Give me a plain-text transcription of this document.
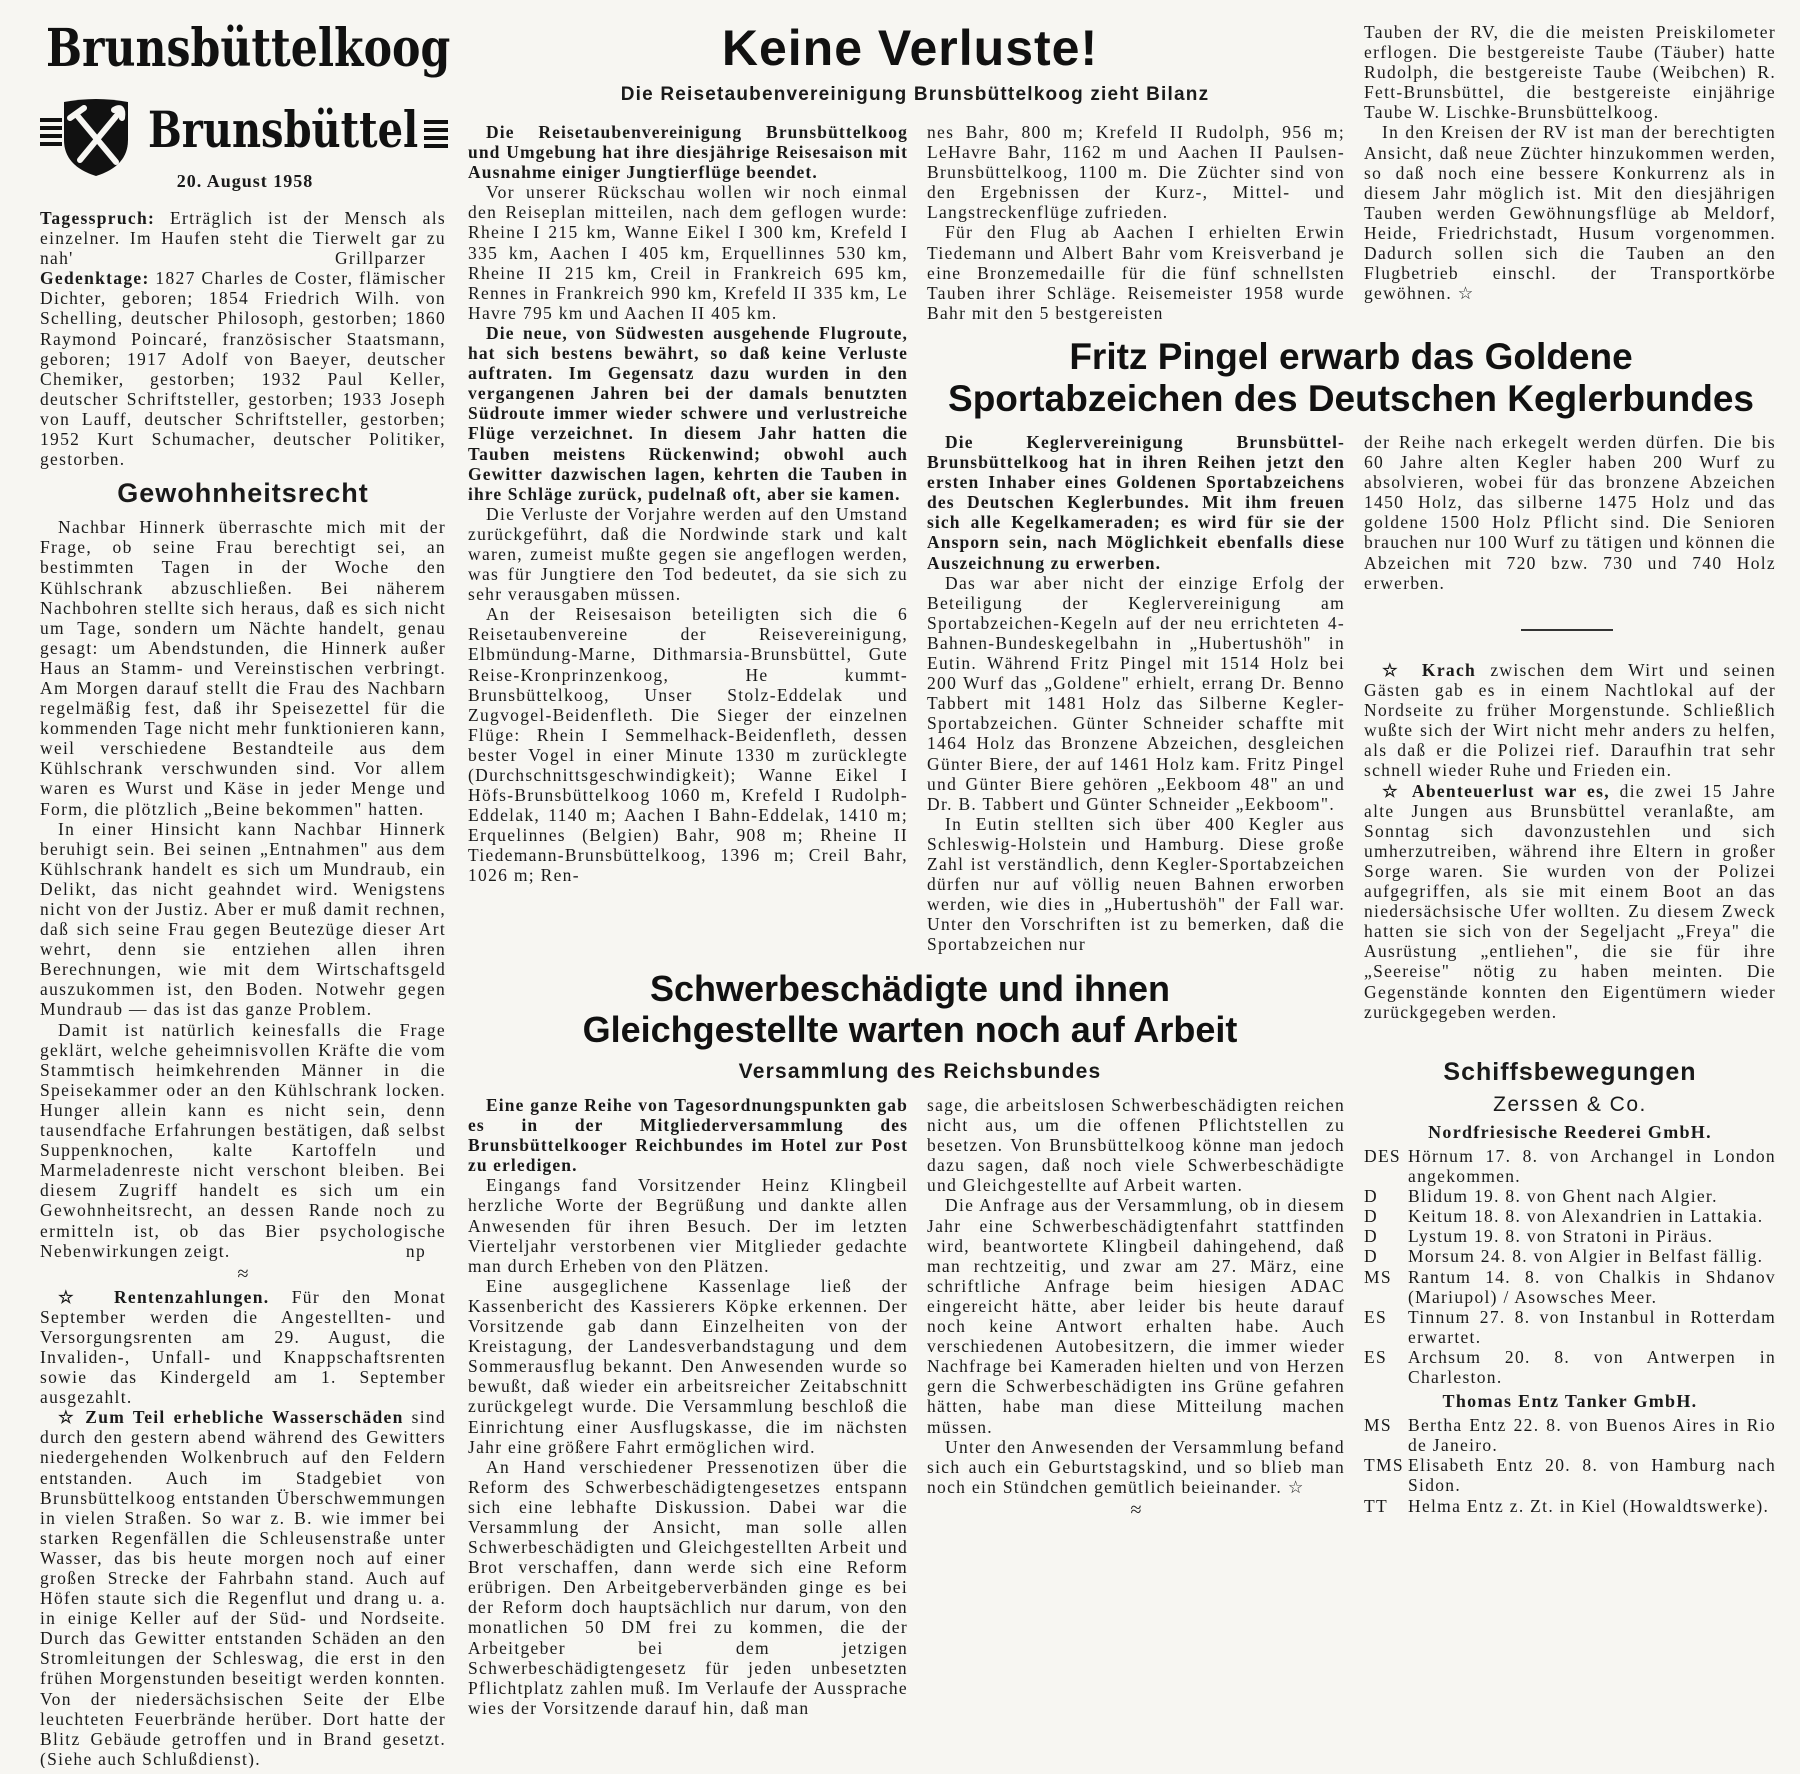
Brunsbüttelkoog
Brunsbüttel
20. August 1958

Tagesspruch: Erträglich ist der Mensch als einzelner. Im Haufen steht die Tierwelt gar zu nah'	Grillparzer

Gedenktage: 1827 Charles de Coster, flämischer Dichter, geboren; 1854 Friedrich Wilh. von Schelling, deutscher Philosoph, gestorben; 1860 Raymond Poincaré, französischer Staatsmann, geboren; 1917 Adolf von Baeyer, deutscher Chemiker, gestorben; 1932 Paul Keller, deutscher Schriftsteller, gestorben; 1933 Joseph von Lauff, deutscher Schriftsteller, gestorben; 1952 Kurt Schumacher, deutscher Politiker, gestorben.

Gewohnheitsrecht

Nachbar Hinnerk überraschte mich mit der Frage, ob seine Frau berechtigt sei, an bestimmten Tagen in der Woche den Kühlschrank abzuschließen. Bei näherem Nachbohren stellte sich heraus, daß es sich nicht um Tage, sondern um Nächte handelt, genau gesagt: um Abendstunden, die Hinnerk außer Haus an Stamm- und Vereinstischen verbringt. Am Morgen darauf stellt die Frau des Nachbarn regelmäßig fest, daß ihr Speisezettel für die kommenden Tage nicht mehr funktionieren kann, weil verschiedene Bestandteile aus dem Kühlschrank verschwunden sind. Vor allem waren es Wurst und Käse in jeder Menge und Form, die plötzlich „Beine bekommen" hatten.

In einer Hinsicht kann Nachbar Hinnerk beruhigt sein. Bei seinen „Entnahmen" aus dem Kühlschrank handelt es sich um Mundraub, ein Delikt, das nicht geahndet wird. Wenigstens nicht von der Justiz. Aber er muß damit rechnen, daß sich seine Frau gegen Beutezüge dieser Art wehrt, denn sie entziehen allen ihren Berechnungen, wie mit dem Wirtschaftsgeld auszukommen ist, den Boden. Notwehr gegen Mundraub — das ist das ganze Problem.

Damit ist natürlich keinesfalls die Frage geklärt, welche geheimnisvollen Kräfte die vom Stammtisch heimkehrenden Männer in die Speisekammer oder an den Kühlschrank locken. Hunger allein kann es nicht sein, denn tausendfache Erfahrungen bestätigen, daß selbst Suppenknochen, kalte Kartoffeln und Marmeladenreste nicht verschont bleiben. Bei diesem Zugriff handelt es sich um ein Gewohnheitsrecht, an dessen Rande noch zu ermitteln ist, ob das Bier psychologische Nebenwirkungen zeigt.	np

≈

☆ Rentenzahlungen. Für den Monat September werden die Angestellten- und Versorgungsrenten am 29. August, die Invaliden-, Unfall- und Knappschaftsrenten sowie das Kindergeld am 1. September ausgezahlt.

☆ Zum Teil erhebliche Wasserschäden sind durch den gestern abend während des Gewitters niedergehenden Wolkenbruch auf den Feldern entstanden. Auch im Stadgebiet von Brunsbüttelkoog entstanden Überschwemmungen in vielen Straßen. So war z. B. wie immer bei starken Regenfällen die Schleusenstraße unter Wasser, das bis heute morgen noch auf einer großen Strecke der Fahrbahn stand. Auch auf Höfen staute sich die Regenflut und drang u. a. in einige Keller auf der Süd- und Nordseite. Durch das Gewitter entstanden Schäden an den Stromleitungen der Schleswag, die erst in den frühen Morgenstunden beseitigt werden konnten. Von der niedersächsischen Seite der Elbe leuchteten Feuerbrände herüber. Dort hatte der Blitz Gebäude getroffen und in Brand gesetzt. (Siehe auch Schlußdienst).

Keine Verluste!
Die Reisetaubenvereinigung Brunsbüttelkoog zieht Bilanz

Die Reisetaubenvereinigung Brunsbüttelkoog und Umgebung hat ihre diesjährige Reisesaison mit Ausnahme einiger Jungtierflüge beendet.

Vor unserer Rückschau wollen wir noch einmal den Reiseplan mitteilen, nach dem geflogen wurde: Rheine I 215 km, Wanne Eikel I 300 km, Krefeld I 335 km, Aachen I 405 km, Erquellinnes 530 km, Rheine II 215 km, Creil in Frankreich 695 km, Rennes in Frankreich 990 km, Krefeld II 335 km, Le Havre 795 km und Aachen II 405 km.

Die neue, von Südwesten ausgehende Flugroute, hat sich bestens bewährt, so daß keine Verluste auftraten. Im Gegensatz dazu wurden in den vergangenen Jahren bei der damals benutzten Südroute immer wieder schwere und verlustreiche Flüge verzeichnet. In diesem Jahr hatten die Tauben meistens Rückenwind; obwohl auch Gewitter dazwischen lagen, kehrten die Tauben in ihre Schläge zurück, pudelnaß oft, aber sie kamen.

Die Verluste der Vorjahre werden auf den Umstand zurückgeführt, daß die Nordwinde stark und kalt waren, zumeist mußte gegen sie angeflogen werden, was für Jungtiere den Tod bedeutet, da sie sich zu sehr verausgaben müssen.

An der Reisesaison beteiligten sich die 6 Reisetaubenvereine der Reisevereinigung, Elbmündung-Marne, Dithmarsia-Brunsbüttel, Gute Reise-Kronprinzenkoog, He kummt-Brunsbüttelkoog, Unser Stolz-Eddelak und Zugvogel-Beidenfleth. Die Sieger der einzelnen Flüge: Rhein I Semmelhack-Beidenfleth, dessen bester Vogel in einer Minute 1330 m zurücklegte (Durchschnittsgeschwindigkeit); Wanne Eikel I Höfs-Brunsbüttelkoog 1060 m, Krefeld I Rudolph-Eddelak, 1140 m; Aachen I Bahn-Eddelak, 1410 m; Erquelinnes (Belgien) Bahr, 908 m; Rheine II Tiedemann-Brunsbüttelkoog, 1396 m; Creil Bahr, 1026 m; Ren-

nes Bahr, 800 m; Krefeld II Rudolph, 956 m; LeHavre Bahr, 1162 m und Aachen II Paulsen-Brunsbüttelkoog, 1100 m. Die Züchter sind von den Ergebnissen der Kurz-, Mittel- und Langstreckenflüge zufrieden.

Für den Flug ab Aachen I erhielten Erwin Tiedemann und Albert Bahr vom Kreisverband je eine Bronzemedaille für die fünf schnellsten Tauben ihrer Schläge. Reisemeister 1958 wurde Bahr mit den 5 bestgereisten

Tauben der RV, die die meisten Preiskilometer erflogen. Die bestgereiste Taube (Täuber) hatte Rudolph, die bestgereiste Taube (Weibchen) R. Fett-Brunsbüttel, die bestgereiste einjährige Taube W. Lischke-Brunsbüttelkoog.

In den Kreisen der RV ist man der berechtigten Ansicht, daß neue Züchter hinzukommen werden, so daß noch eine bessere Konkurrenz als in diesem Jahr möglich ist. Mit den diesjährigen Tauben werden Gewöhnungsflüge ab Meldorf, Heide, Friedrichstadt, Husum vorgenommen. Dadurch sollen sich die Tauben an den Flugbetrieb einschl. der Transportkörbe gewöhnen. ☆

Fritz Pingel erwarb das Goldene
Sportabzeichen des Deutschen Keglerbundes

Die Keglervereinigung Brunsbüttel-Brunsbüttelkoog hat in ihren Reihen jetzt den ersten Inhaber eines Goldenen Sportabzeichens des Deutschen Keglerbundes. Mit ihm freuen sich alle Kegelkameraden; es wird für sie der Ansporn sein, nach Möglichkeit ebenfalls diese Auszeichnung zu erwerben.

Das war aber nicht der einzige Erfolg der Beteiligung der Keglervereinigung am Sportabzeichen-Kegeln auf der neu errichteten 4-Bahnen-Bundeskegelbahn in „Hubertushöh" in Eutin. Während Fritz Pingel mit 1514 Holz bei 200 Wurf das „Goldene" erhielt, errang Dr. Benno Tabbert mit 1481 Holz das Silberne Kegler-Sportabzeichen. Günter Schneider schaffte mit 1464 Holz das Bronzene Abzeichen, desgleichen Günter Biere, der auf 1461 Holz kam. Fritz Pingel und Günter Biere gehören „Eekboom 48" an und Dr. B. Tabbert und Günter Schneider „Eekboom".

In Eutin stellten sich über 400 Kegler aus Schleswig-Holstein und Hamburg. Diese große Zahl ist verständlich, denn Kegler-Sportabzeichen dürfen nur auf völlig neuen Bahnen erworben werden, wie dies in „Hubertushöh" der Fall war. Unter den Vorschriften ist zu bemerken, daß die Sportabzeichen nur

der Reihe nach erkegelt werden dürfen. Die bis 60 Jahre alten Kegler haben 200 Wurf zu absolvieren, wobei für das bronzene Abzeichen 1450 Holz, das silberne 1475 Holz und das goldene 1500 Holz Pflicht sind. Die Senioren brauchen nur 100 Wurf zu tätigen und können die Abzeichen mit 720 bzw. 730 und 740 Holz erwerben.

☆ Krach zwischen dem Wirt und seinen Gästen gab es in einem Nachtlokal auf der Nordseite zu früher Morgenstunde. Schließlich wußte sich der Wirt nicht mehr anders zu helfen, als daß er die Polizei rief. Daraufhin trat sehr schnell wieder Ruhe und Frieden ein.

☆ Abenteuerlust war es, die zwei 15 Jahre alte Jungen aus Brunsbüttel veranlaßte, am Sonntag sich davonzustehlen und sich umherzutreiben, während ihre Eltern in großer Sorge waren. Sie wurden von der Polizei aufgegriffen, als sie mit einem Boot an das niedersächsische Ufer wollten. Zu diesem Zweck hatten sie sich von der Segeljacht „Freya" die Ausrüstung „entliehen", die sie für ihre „Seereise" nötig zu haben meinten. Die Gegenstände konnten den Eigentümern wieder zurückgegeben werden.

Schwerbeschädigte und ihnen
Gleichgestellte warten noch auf Arbeit
Versammlung des Reichsbundes

Eine ganze Reihe von Tagesordnungspunkten gab es in der Mitgliederversammlung des Brunsbüttelkooger Reichbundes im Hotel zur Post zu erledigen.

Eingangs fand Vorsitzender Heinz Klingbeil herzliche Worte der Begrüßung und dankte allen Anwesenden für ihren Besuch. Der im letzten Vierteljahr verstorbenen vier Mitglieder gedachte man durch Erheben von den Plätzen.

Eine ausgeglichene Kassenlage ließ der Kassenbericht des Kassierers Köpke erkennen. Der Vorsitzende gab dann Einzelheiten von der Kreistagung, der Landesverbandstagung und dem Sommerausflug bekannt. Den Anwesenden wurde so bewußt, daß wieder ein arbeitsreicher Zeitabschnitt zurückgelegt wurde. Die Versammlung beschloß die Einrichtung einer Ausflugskasse, die im nächsten Jahr eine größere Fahrt ermöglichen wird.

An Hand verschiedener Pressenotizen über die Reform des Schwerbeschädigtengesetzes entspann sich eine lebhafte Diskussion. Dabei war die Versammlung der Ansicht, man solle allen Schwerbeschädigten und Gleichgestellten Arbeit und Brot verschaffen, dann werde sich eine Reform erübrigen. Den Arbeitgeberverbänden ginge es bei der Reform doch hauptsächlich nur darum, von den monatlichen 50 DM frei zu kommen, die der Arbeitgeber bei dem jetzigen Schwerbeschädigtengesetz für jeden unbesetzten Pflichtplatz zahlen muß. Im Verlaufe der Aussprache wies der Vorsitzende darauf hin, daß man

sage, die arbeitslosen Schwerbeschädigten reichen nicht aus, um die offenen Pflichtstellen zu besetzen. Von Brunsbüttelkoog könne man jedoch dazu sagen, daß noch viele Schwerbeschädigte und Gleichgestellte auf Arbeit warten.

Die Anfrage aus der Versammlung, ob in diesem Jahr eine Schwerbeschädigtenfahrt stattfinden wird, beantwortete Klingbeil dahingehend, daß man rechtzeitig, und zwar am 27. März, eine schriftliche Anfrage beim hiesigen ADAC eingereicht hätte, aber leider bis heute darauf noch keine Antwort erhalten habe. Auch verschiedenen Autobesitzern, die immer wieder Nachfrage bei Kameraden hielten und von Herzen gern die Schwerbeschädigten ins Grüne gefahren hätten, habe man diese Mitteilung machen müssen.

Unter den Anwesenden der Versammlung befand sich auch ein Geburtstagskind, und so blieb man noch ein Stündchen gemütlich beieinander. ☆

≈
Schiffsbewegungen
Zerssen & Co.
Nordfriesische Reederei GmbH.
DES Hörnum 17. 8. von Archangel in London angekommen.
D	Blidum 19. 8. von Ghent nach Algier.
D	Keitum 18. 8. von Alexandrien in Lattakia.
D	Lystum 19. 8. von Stratoni in Piräus.
D	Morsum 24. 8. von Algier in Belfast fällig.
MS Rantum 14. 8. von Chalkis in Shdanov (Mariupol) / Asowsches Meer.
ES	Tinnum 27. 8. von Instanbul in Rotterdam erwartet.
ES	Archsum 20. 8. von Antwerpen in Charleston.
Thomas Entz Tanker GmbH.
MS Bertha Entz 22. 8. von Buenos Aires in Rio de Janeiro.
TMS Elisabeth Entz 20. 8. von Hamburg nach Sidon.
TT	Helma Entz z. Zt. in Kiel (Howaldtswerke).
